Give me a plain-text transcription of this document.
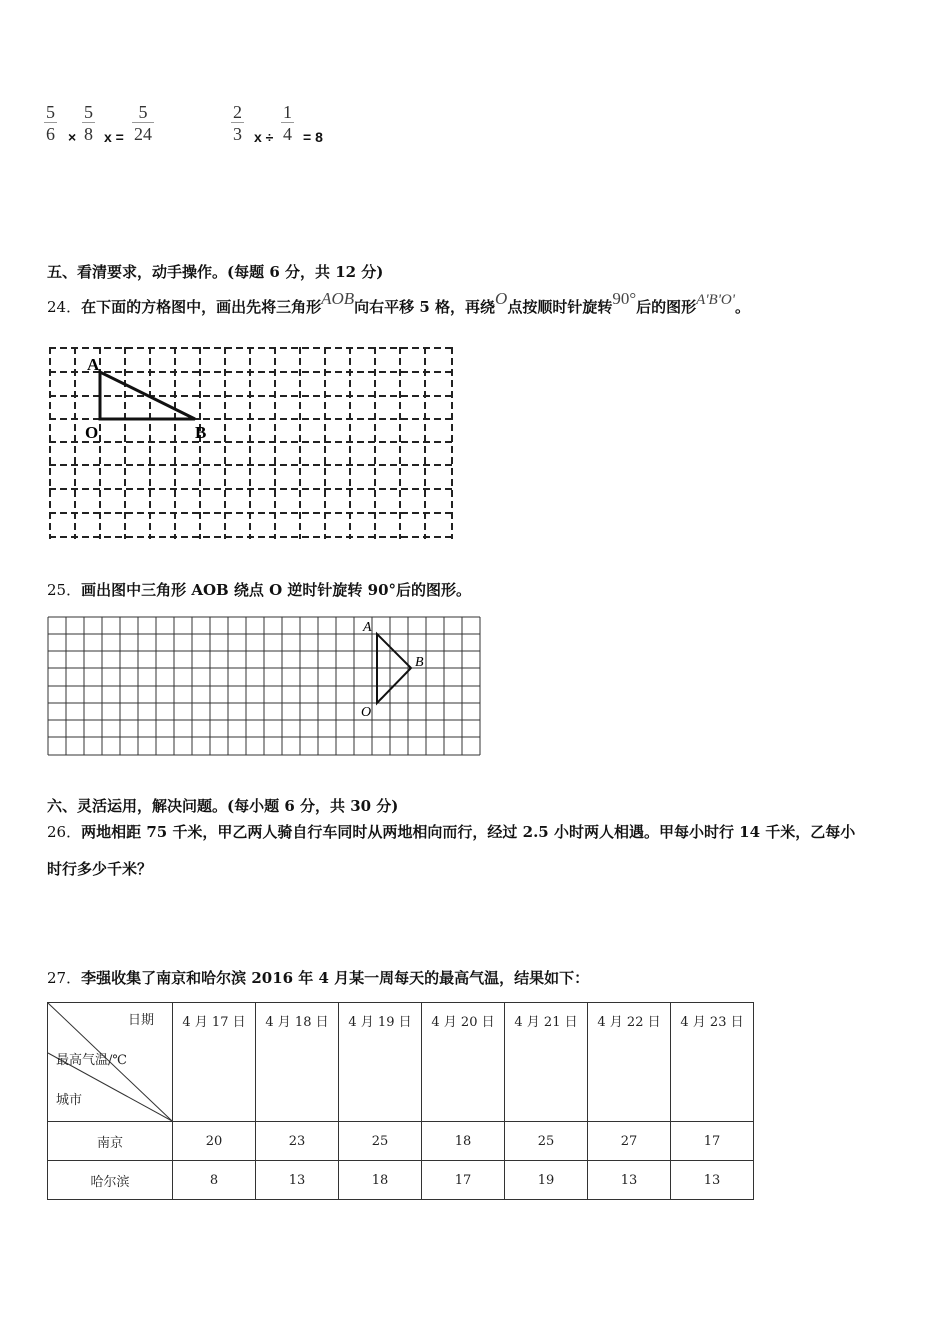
$\frac{5}{6} \times \frac{5}{8}$ $x = \frac{5}{24}$	$\frac{2}{3}$ $x \div \frac{1}{4} = 8$
五、看清要求，动手操作。(每题 6 分，共 12 分)
24．在下面的方格图中，画出先将三角形AOB向右平移 5 格，再绕O点按顺时针旋转90°后的图形A'B'O'。
A
O	B
25．画出图中三角形 AOB 绕点 O 逆时针旋转 90°后的图形。
A
B
O
六、灵活运用，解决问题。(每小题 6 分，共 30 分)
26．两地相距 75 千米，甲乙两人骑自行车同时从两地相向而行，经过 2.5 小时两人相遇。甲每小时行 14 千米，乙每小
时行多少千米？
27．李强收集了南京和哈尔滨 2016 年 4 月某一周每天的最高气温，结果如下：
日期
最高气温/℃
城市	4 月 17 日	4 月 18 日	4 月 19 日	4 月 20 日	4 月 21 日	4 月 22 日	4 月 23 日
南京	20	23	25	18	25	27	17
哈尔滨	8	13	18	17	19	13	13
